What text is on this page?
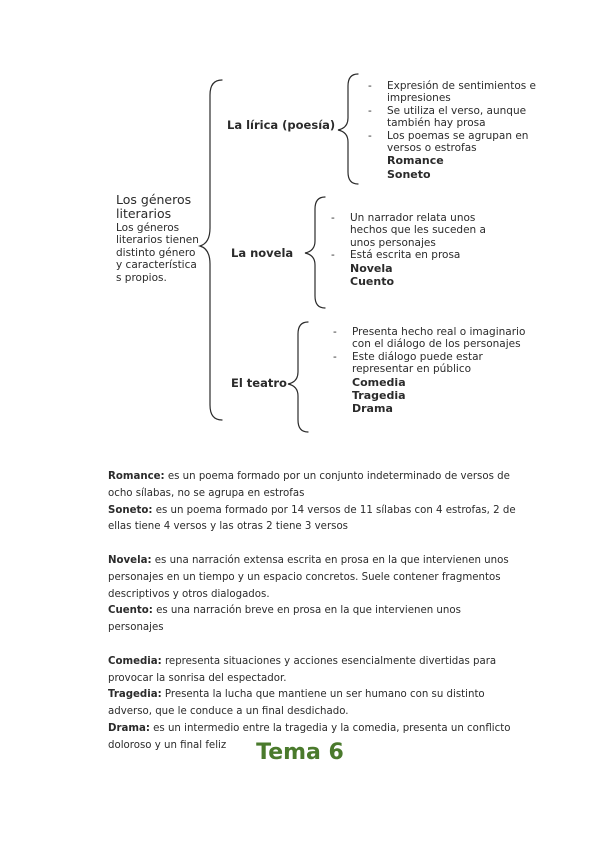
Los géneros literarios
Los géneros literarios tienen distinto género y característica s propios.
La lírica (poesía)
- Expresión de sentimientos e impresiones
- Se utiliza el verso, aunque también hay prosa
- Los poemas se agrupan en versos o estrofas
Romance
Soneto
La novela
- Un narrador relata unos hechos que les suceden a unos personajes
- Está escrita en prosa
Novela
Cuento
El teatro
- Presenta hecho real o imaginario con el diálogo de los personajes
- Este diálogo puede estar representar en público
Comedia
Tragedia
Drama

Romance: es un poema formado por un conjunto indeterminado de versos de ocho sílabas, no se agrupa en estrofas

Soneto: es un poema formado por 14 versos de 11 sílabas con 4 estrofas, 2 de ellas tiene 4 versos y las otras 2 tiene 3 versos

Novela: es una narración extensa escrita en prosa en la que intervienen unos personajes en un tiempo y un espacio concretos. Suele contener fragmentos descriptivos y otros dialogados.

Cuento: es una narración breve en prosa en la que intervienen unos personajes

Comedia: representa situaciones y acciones esencialmente divertidas para provocar la sonrisa del espectador.

Tragedia: Presenta la lucha que mantiene un ser humano con su distinto adverso, que le conduce a un final desdichado.

Drama: es un intermedio entre la tragedia y la comedia, presenta un conflicto doloroso y un final feliz	Tema 6
